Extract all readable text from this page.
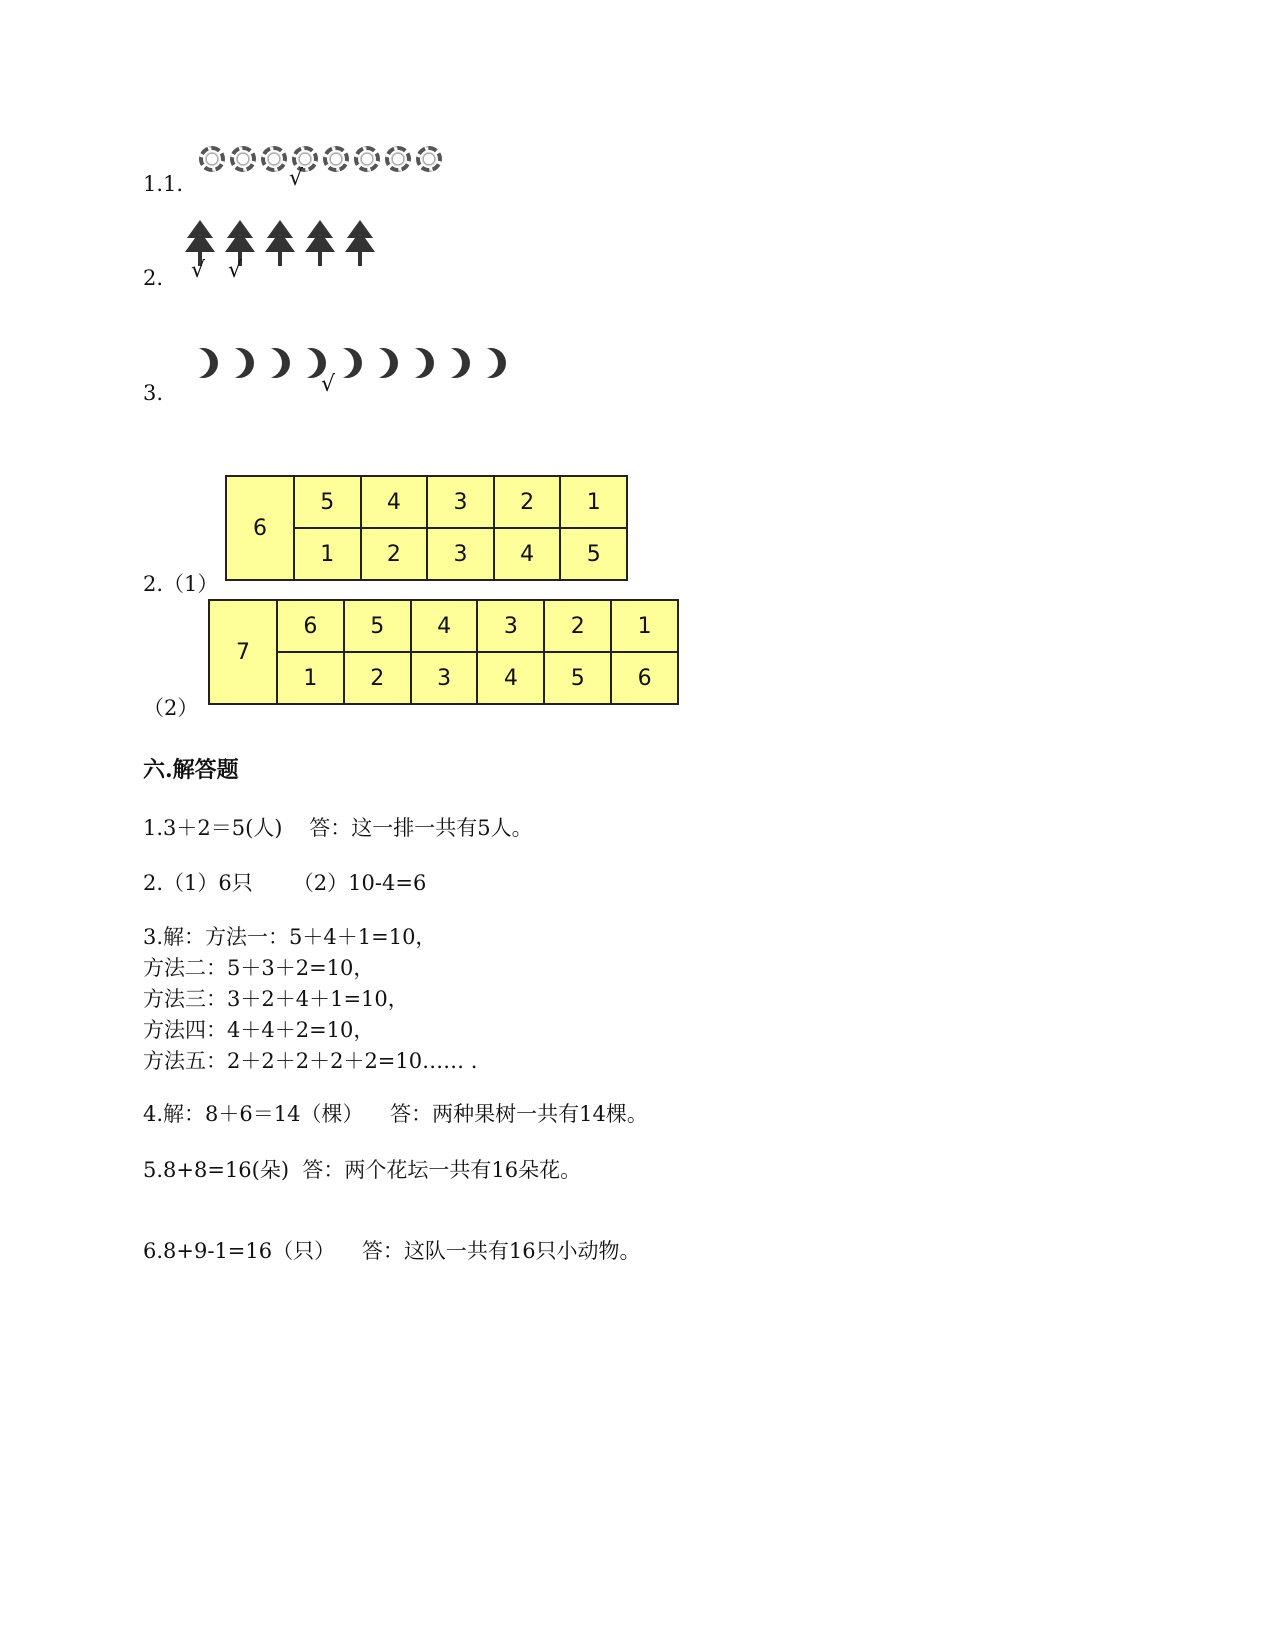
1.1.	√
2. √ √
3.	√
2.（1）
6	5	4	3	2	1
	1	2	3	4	5
（2）
7	6	5	4	3	2	1
	1	2	3	4	5	6
六.解答题
1.3＋2＝5(人)    答：这一排一共有5人。
2.（1）6只      （2）10-4=6
3.解：方法一：5＋4＋1=10，
方法二：5＋3＋2=10，
方法三：3＋2＋4＋1=10，
方法四：4＋4＋2=10，
方法五：2＋2＋2＋2＋2=10…… .
4.解：8＋6＝14（棵）    答：两种果树一共有14棵。
5.8+8=16(朵)  答：两个花坛一共有16朵花。
6.8+9-1=16（只）    答：这队一共有16只小动物。
